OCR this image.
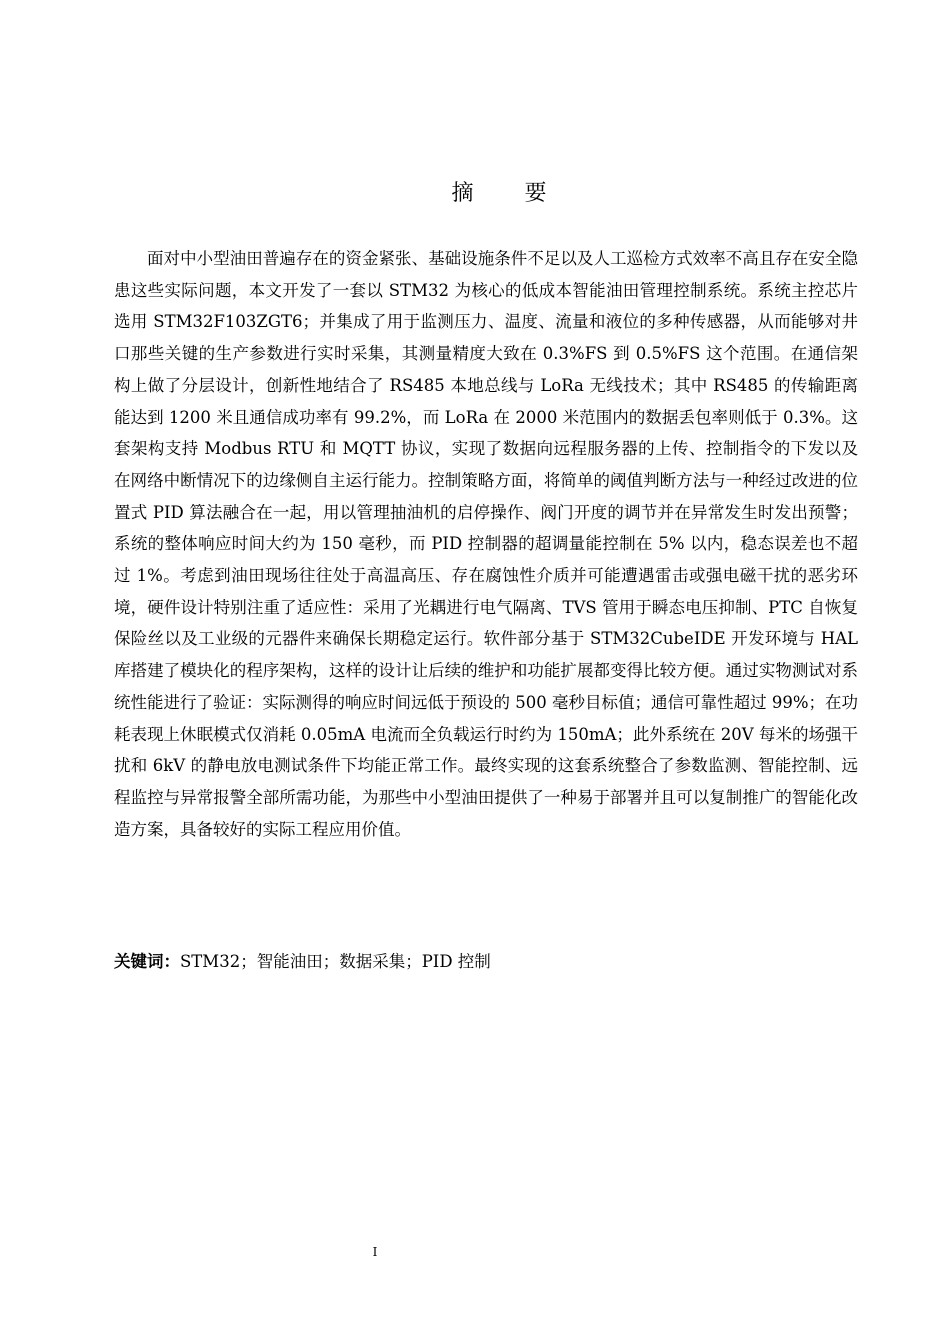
摘 要

面对中小型油田普遍存在的资金紧张、基础设施条件不足以及人工巡检方式效率不高且存在安全隐患这些实际问题，本文开发了一套以 STM32 为核心的低成本智能油田管理控制系统。系统主控芯片选用 STM32F103ZGT6；并集成了用于监测压力、温度、流量和液位的多种传感器，从而能够对井口那些关键的生产参数进行实时采集，其测量精度大致在 0.3%FS 到 0.5%FS 这个范围。在通信架构上做了分层设计，创新性地结合了 RS485 本地总线与 LoRa 无线技术；其中 RS485 的传输距离能达到 1200 米且通信成功率有 99.2%，而 LoRa 在 2000 米范围内的数据丢包率则低于 0.3%。这套架构支持 Modbus RTU 和 MQTT 协议，实现了数据向远程服务器的上传、控制指令的下发以及在网络中断情况下的边缘侧自主运行能力。控制策略方面，将简单的阈值判断方法与一种经过改进的位置式 PID 算法融合在一起，用以管理抽油机的启停操作、阀门开度的调节并在异常发生时发出预警；系统的整体响应时间大约为 150 毫秒，而 PID 控制器的超调量能控制在 5% 以内，稳态误差也不超过 1%。考虑到油田现场往往处于高温高压、存在腐蚀性介质并可能遭遇雷击或强电磁干扰的恶劣环境，硬件设计特别注重了适应性：采用了光耦进行电气隔离、TVS 管用于瞬态电压抑制、PTC 自恢复保险丝以及工业级的元器件来确保长期稳定运行。软件部分基于 STM32CubeIDE 开发环境与 HAL 库搭建了模块化的程序架构，这样的设计让后续的维护和功能扩展都变得比较方便。通过实物测试对系统性能进行了验证：实际测得的响应时间远低于预设的 500 毫秒目标值；通信可靠性超过 99%；在功耗表现上休眠模式仅消耗 0.05mA 电流而全负载运行时约为 150mA；此外系统在 20V 每米的场强干扰和 6kV 的静电放电测试条件下均能正常工作。最终实现的这套系统整合了参数监测、智能控制、远程监控与异常报警全部所需功能，为那些中小型油田提供了一种易于部署并且可以复制推广的智能化改造方案，具备较好的实际工程应用价值。

关键词：STM32；智能油田；数据采集；PID 控制

I
